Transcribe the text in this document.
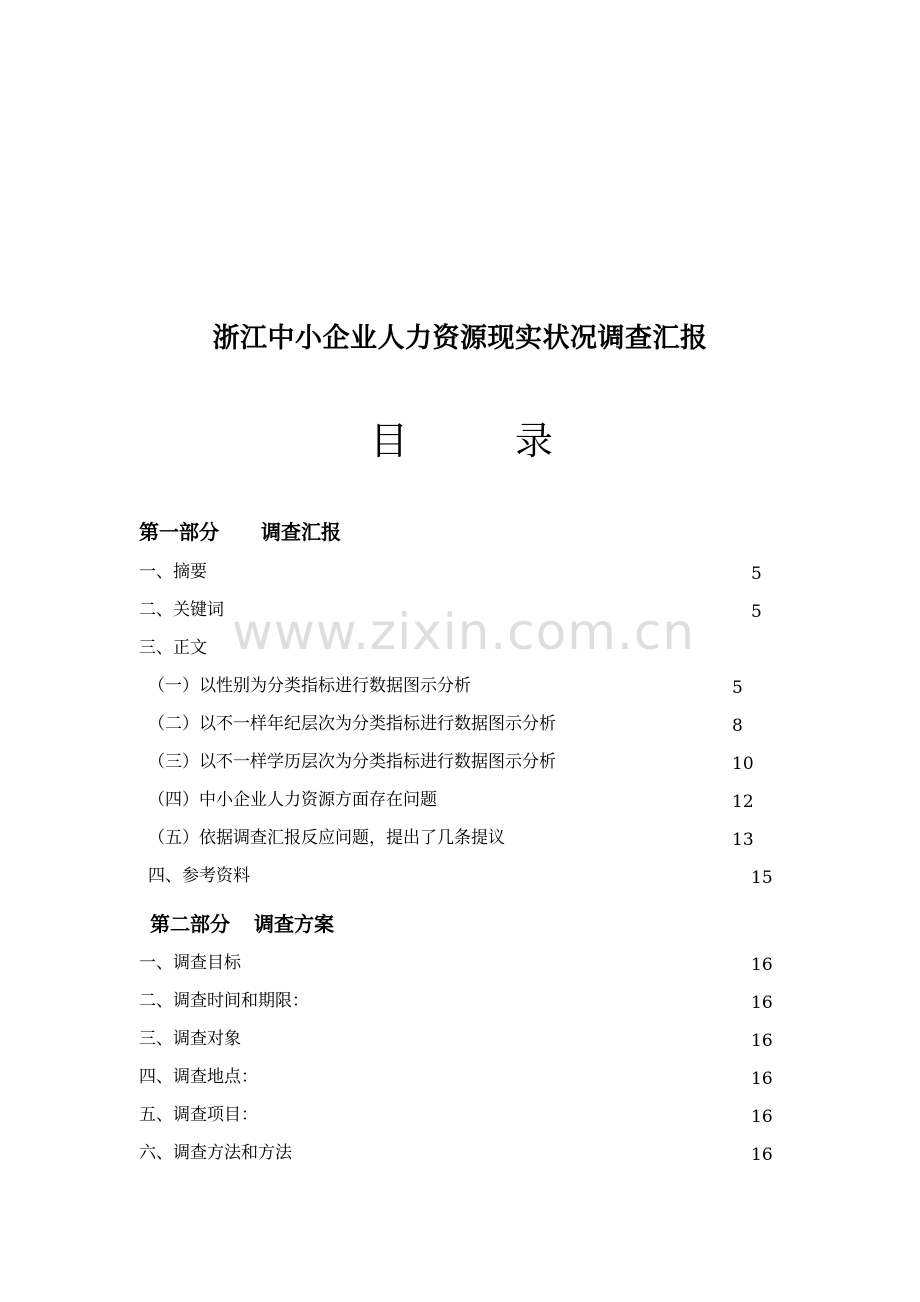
浙江中小企业人力资源现实状况调查汇报
目	录
www.zixin.com.cn
第一部分 调查汇报
一、摘要	5
二、关键词	5
三、正文
（一）以性别为分类指标进行数据图示分析	5
（二）以不一样年纪层次为分类指标进行数据图示分析	8
（三）以不一样学历层次为分类指标进行数据图示分析	10
（四）中小企业人力资源方面存在问题	12
（五）依据调查汇报反应问题，提出了几条提议	13
四、参考资料	15
第二部分 调查方案
一、调查目标	16
二、调查时间和期限：	16
三、调查对象	16
四、调查地点：	16
五、调查项目：	16
六、调查方法和方法	16
